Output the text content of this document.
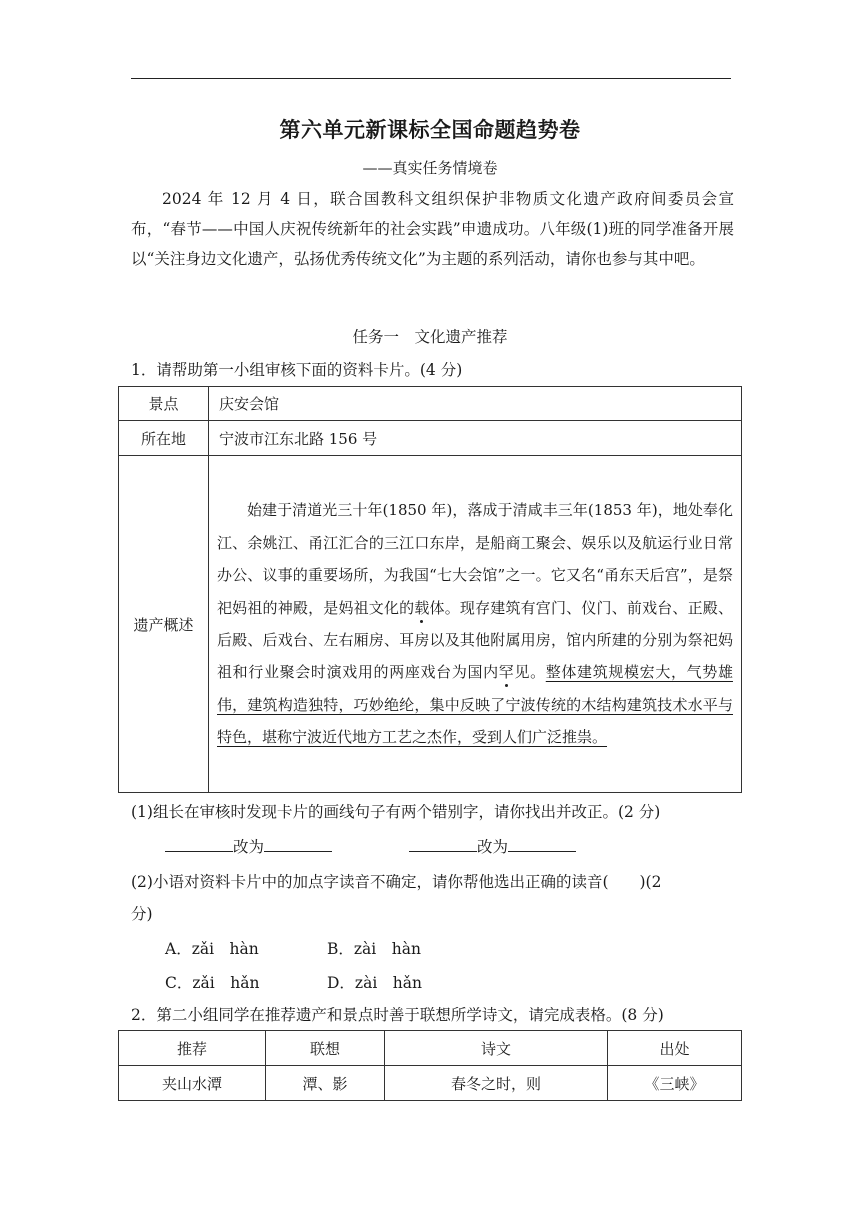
第六单元新课标全国命题趋势卷
——真实任务情境卷

2024 年 12 月 4 日，联合国教科文组织保护非物质文化遗产政府间委员会宣布，“春节——中国人庆祝传统新年的社会实践”申遗成功。八年级(1)班的同学准备开展以“关注身边文化遗产，弘扬优秀传统文化”为主题的系列活动，请你也参与其中吧。

任务一　文化遗产推荐
1．请帮助第一小组审核下面的资料卡片。(4 分)
景点	庆安会馆
所在地	宁波市江东北路 156 号
遗产概述	始建于清道光三十年(1850 年)，落成于清咸丰三年(1853 年)，地处奉化江、余姚江、甬江汇合的三江口东岸，是船商工聚会、娱乐以及航运行业日常办公、议事的重要场所，为我国“七大会馆”之一。它又名“甬东天后宫”，是祭祀妈祖的神殿，是妈祖文化的载体。现存建筑有宫门、仪门、前戏台、正殿、后殿、后戏台、左右厢房、耳房以及其他附属用房，馆内所建的分别为祭祀妈祖和行业聚会时演戏用的两座戏台为国内罕见。整体建筑规模宏大，气势雄伟，建筑构造独特，巧妙绝纶，集中反映了宁波传统的木结构建筑技术水平与特色，堪称宁波近代地方工艺之杰作，受到人们广泛推祟。

(1)组长在审核时发现卡片的画线句子有两个错别字，请你找出并改正。(2 分)
改为	改为
(2)小语对资料卡片中的加点字读音不确定，请你帮他选出正确的读音(　　)(2
分)
A．zǎi　hàn	B．zài　hàn
C．zǎi　hǎn	D．zài　hǎn
2．第二小组同学在推荐遗产和景点时善于联想所学诗文，请完成表格。(8 分)
推荐	联想	诗文	出处
夹山水潭	潭、影	春冬之时，则	《三峡》
